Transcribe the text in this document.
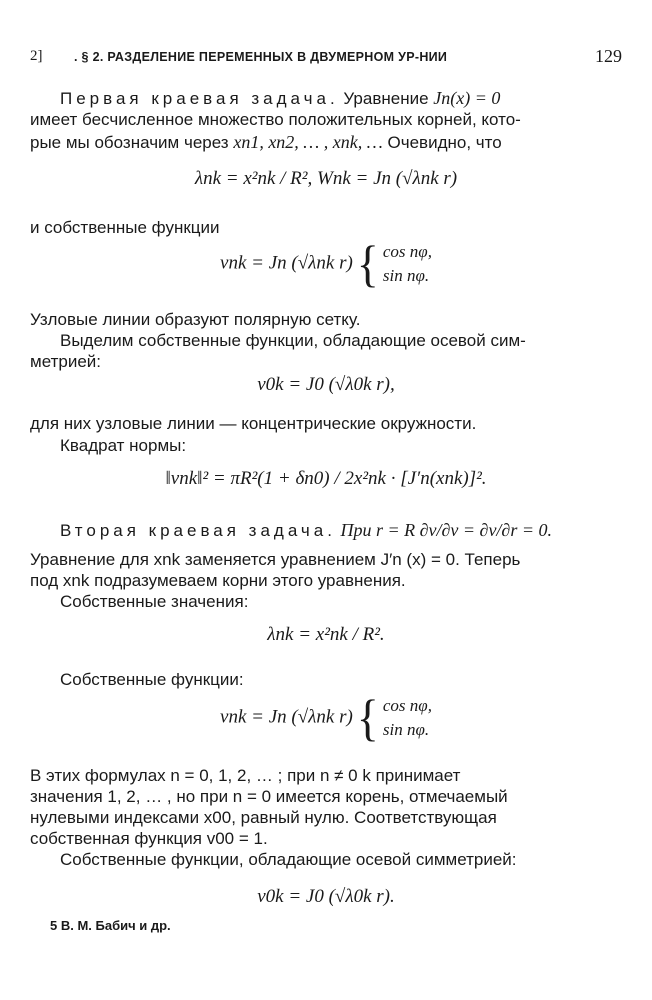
2]	. § 2. РАЗДЕЛЕНИЕ ПЕРЕМЕННЫХ В ДВУМЕРНОМ УР-НИИ	129
Первая краевая задача. Уравнение Jn(x) = 0
имеет бесчисленное множество положительных корней, кото-
рые мы обозначим через xn1, xn2, … , xnk, … Очевидно, что
λnk = x²nk / R², Wnk = Jn (√λnk r)
и собственные функции
vnk = Jn (√λnk r){ cos nφ,
sin nφ.
Узловые линии образуют полярную сетку.
Выделим собственные функции, обладающие осевой сим-
метрией:
v0k = J0 (√λ0k r),
для них узловые линии — концентрические окружности.
Квадрат нормы:
‖vnk‖² = πR²(1 + δn0) / 2x²nk · [J′n(xnk)]².
Вторая краевая задача. При r = R ∂v/∂ν = ∂v/∂r = 0.
Уравнение для xnk заменяется уравнением J′n (x) = 0. Теперь
под xnk подразумеваем корни этого уравнения.
Собственные значения:
λnk = x²nk / R².
Собственные функции:
vnk = Jn (√λnk r){ cos nφ,
sin nφ.
В этих формулах n = 0, 1, 2, … ; при n ≠ 0 k принимает
значения 1, 2, … , но при n = 0 имеется корень, отмечаемый
нулевыми индексами x00, равный нулю. Соответствующая
собственная функция v00 = 1.
Собственные функции, обладающие осевой симметрией:
v0k = J0 (√λ0k r).
5 В. М. Бабич и др.
